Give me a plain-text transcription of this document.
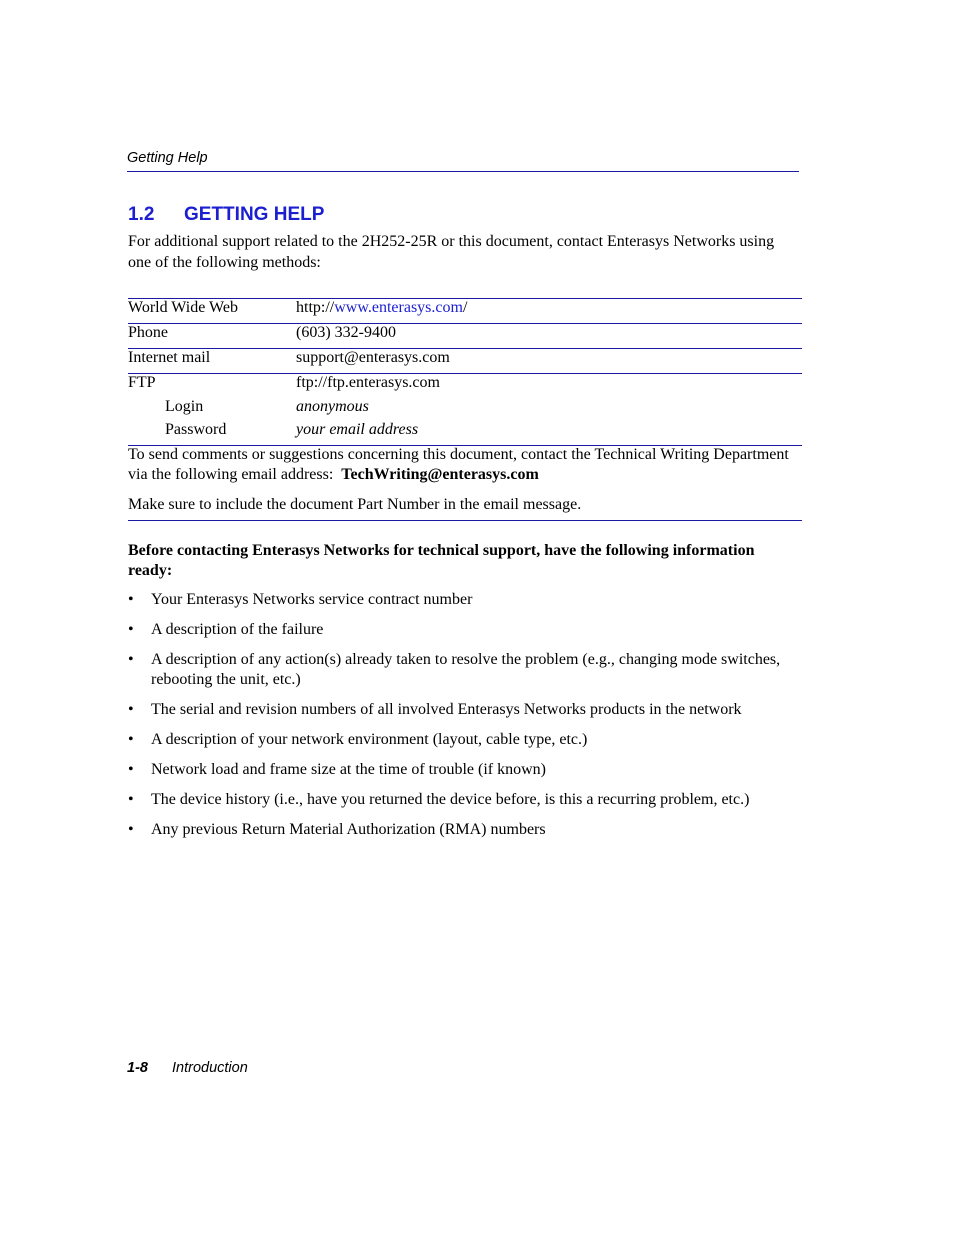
Getting Help
1.2 GETTING HELP
For additional support related to the 2H252-25R or this document, contact Enterasys Networks using one of the following methods:
World Wide Web	http://www.enterasys.com/
Phone	(603) 332-9400
Internet mail	support@enterasys.com
FTP	ftp://ftp.enterasys.com
Login	anonymous
Password	your email address
To send comments or suggestions concerning this document, contact the Technical Writing Department via the following email address: TechWriting@enterasys.com
Make sure to include the document Part Number in the email message.
Before contacting Enterasys Networks for technical support, have the following information ready:
• Your Enterasys Networks service contract number
• A description of the failure
• A description of any action(s) already taken to resolve the problem (e.g., changing mode switches, rebooting the unit, etc.)
• The serial and revision numbers of all involved Enterasys Networks products in the network
• A description of your network environment (layout, cable type, etc.)
• Network load and frame size at the time of trouble (if known)
• The device history (i.e., have you returned the device before, is this a recurring problem, etc.)
• Any previous Return Material Authorization (RMA) numbers
1-8 Introduction
